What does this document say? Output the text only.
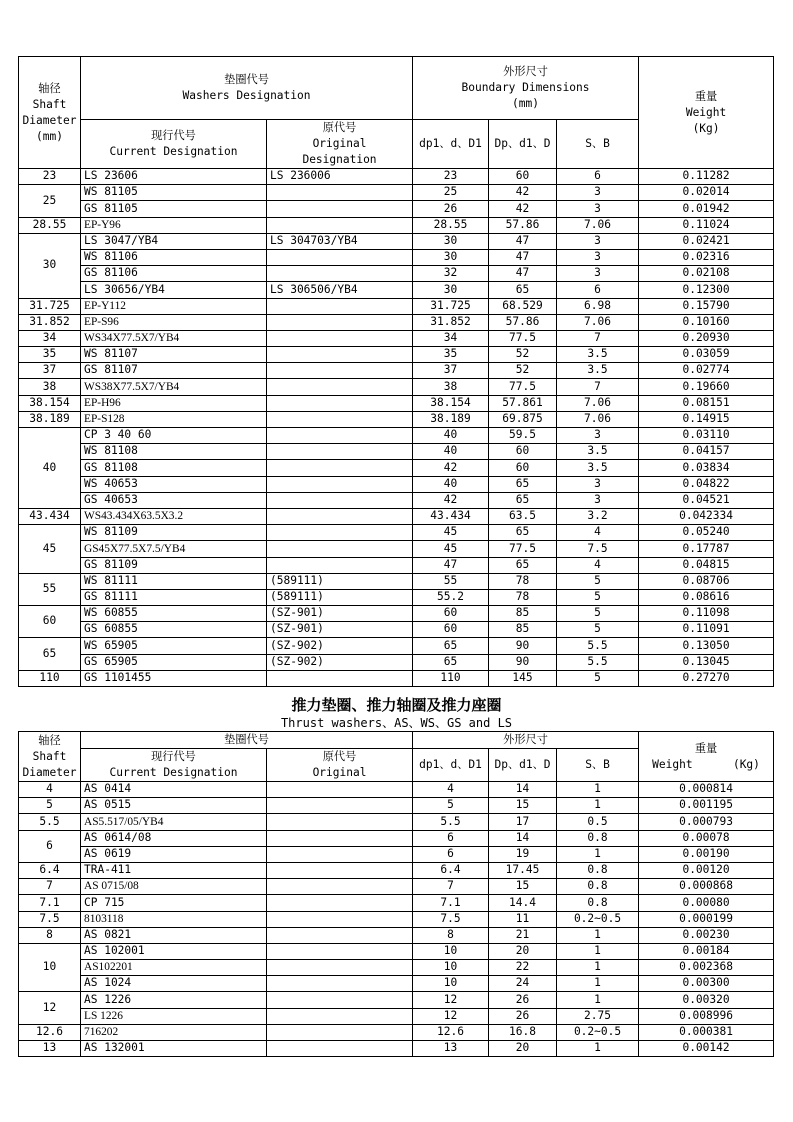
轴径
Shaft
Diameter
(mm)	垫圈代号
Washers Designation		外形尺寸
Boundary Dimensions
(mm)			重量
Weight
(Kg)
	现行代号
Current Designation	原代号
Original
Designation	dp1、d、D1	Dp、d1、D	S、B	
23	LS 23606	LS 236006	23	60	6	0.11282
25	WS 81105		25	42	3	0.02014
	GS 81105		26	42	3	0.01942
28.55	EP-Y96		28.55	57.86	7.06	0.11024
30	LS 3047/YB4	LS 304703/YB4	30	47	3	0.02421
	WS 81106		30	47	3	0.02316
	GS 81106		32	47	3	0.02108
	LS 30656/YB4	LS 306506/YB4	30	65	6	0.12300
31.725	EP-Y112		31.725	68.529	6.98	0.15790
31.852	EP-S96		31.852	57.86	7.06	0.10160
34	WS34X77.5X7/YB4		34	77.5	7	0.20930
35	WS 81107		35	52	3.5	0.03059
37	GS 81107		37	52	3.5	0.02774
38	WS38X77.5X7/YB4		38	77.5	7	0.19660
38.154	EP-H96		38.154	57.861	7.06	0.08151
38.189	EP-S128		38.189	69.875	7.06	0.14915
40	CP 3 40 60		40	59.5	3	0.03110
	WS 81108		40	60	3.5	0.04157
	GS 81108		42	60	3.5	0.03834
	WS 40653		40	65	3	0.04822
	GS 40653		42	65	3	0.04521
43.434	WS43.434X63.5X3.2		43.434	63.5	3.2	0.042334
45	WS 81109		45	65	4	0.05240
	GS45X77.5X7.5/YB4		45	77.5	7.5	0.17787
	GS 81109		47	65	4	0.04815
55	WS 81111	(589111)	55	78	5	0.08706
	GS 81111	(589111)	55.2	78	5	0.08616
60	WS 60855	(SZ-901)	60	85	5	0.11098
	GS 60855	(SZ-901)	60	85	5	0.11091
65	WS 65905	(SZ-902)	65	90	5.5	0.13050
	GS 65905	(SZ-902)	65	90	5.5	0.13045
110	GS 1101455		110	145	5	0.27270
推力垫圈、推力轴圈及推力座圈
Thrust washers、AS、WS、GS and LS
轴径
Shaft
Diameter	垫圈代号		外形尺寸			重量
Weight      (Kg)
	现行代号
Current Designation	原代号
Original	dp1、d、D1	Dp、d1、D	S、B	
4	AS 0414		4	14	1	0.000814
5	AS 0515		5	15	1	0.001195
5.5	AS5.517/05/YB4		5.5	17	0.5	0.000793
6	AS 0614/08		6	14	0.8	0.00078
	AS 0619		6	19	1	0.00190
6.4	TRA-411		6.4	17.45	0.8	0.00120
7	AS 0715/08		7	15	0.8	0.000868
7.1	CP 715		7.1	14.4	0.8	0.00080
7.5	8103118		7.5	11	0.2~0.5	0.000199
8	AS 0821		8	21	1	0.00230
10	AS 102001		10	20	1	0.00184
	AS102201		10	22	1	0.002368
	AS 1024		10	24	1	0.00300
12	AS 1226		12	26	1	0.00320
	LS 1226		12	26	2.75	0.008996
12.6	716202		12.6	16.8	0.2~0.5	0.000381
13	AS 132001		13	20	1	0.00142
